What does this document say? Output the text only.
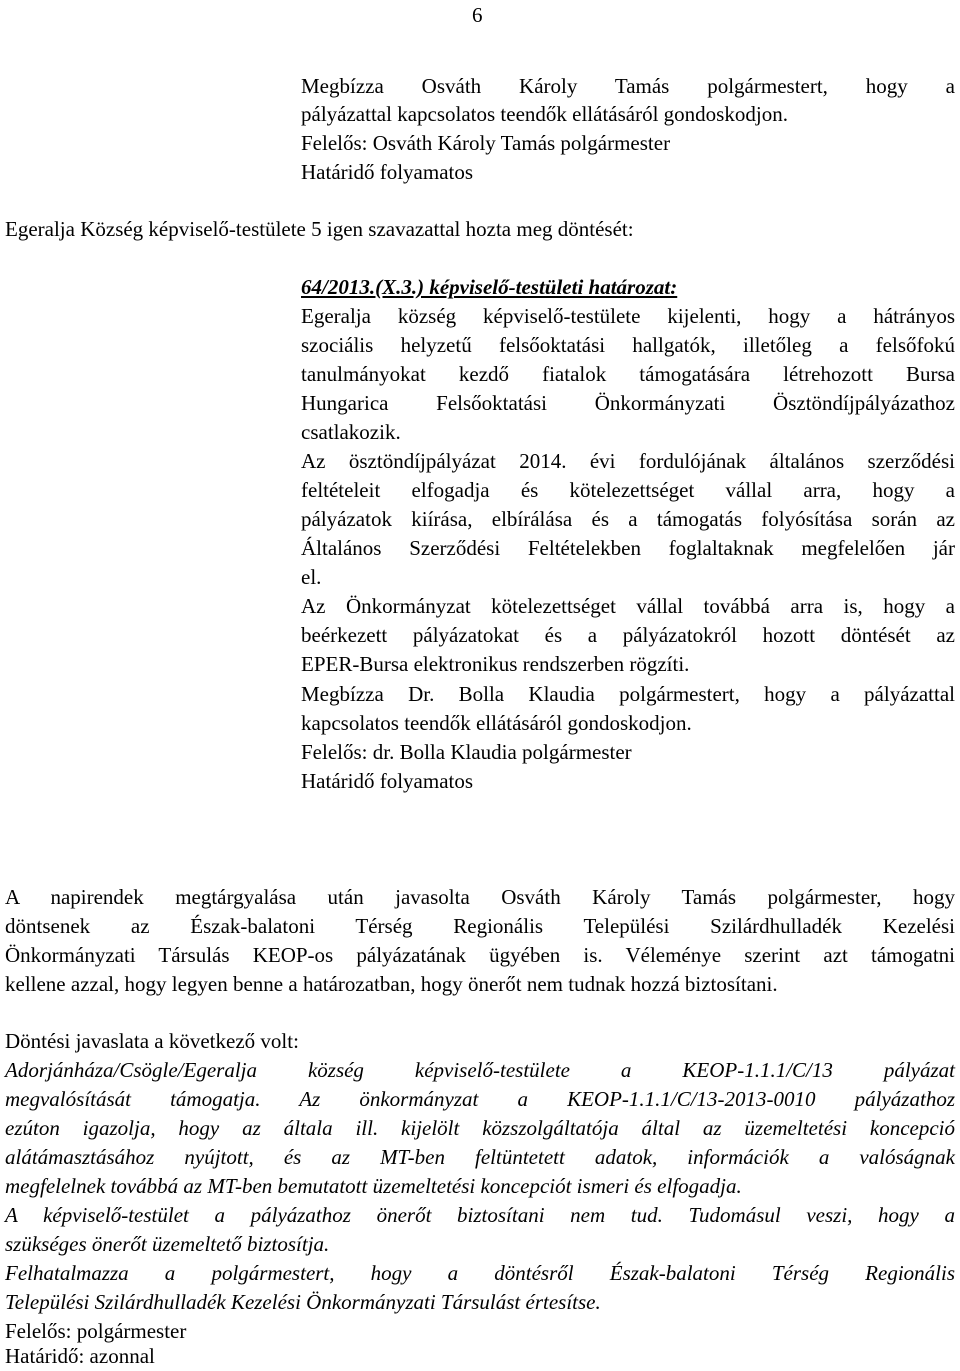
6
Megbízza Osváth Károly Tamás polgármestert, hogy a
pályázattal kapcsolatos teendők ellátásáról gondoskodjon.
Felelős: Osváth Károly Tamás polgármester
Határidő folyamatos
Egeralja Község képviselő-testülete 5 igen szavazattal hozta meg döntését:
64/2013.(X.3.) képviselő-testületi határozat:
Egeralja község képviselő-testülete kijelenti, hogy a hátrányos
szociális helyzetű felsőoktatási hallgatók, illetőleg a felsőfokú
tanulmányokat kezdő fiatalok támogatására létrehozott Bursa
Hungarica Felsőoktatási Önkormányzati Ösztöndíjpályázathoz
csatlakozik.
Az ösztöndíjpályázat 2014. évi fordulójának általános szerződési
feltételeit elfogadja és kötelezettséget vállal arra, hogy a
pályázatok kiírása, elbírálása és a támogatás folyósítása során az
Általános Szerződési Feltételekben foglaltaknak megfelelően jár
el.
Az Önkormányzat kötelezettséget vállal továbbá arra is, hogy a
beérkezett pályázatokat és a pályázatokról hozott döntését az
EPER-Bursa elektronikus rendszerben rögzíti.
Megbízza Dr. Bolla Klaudia polgármestert, hogy a pályázattal
kapcsolatos teendők ellátásáról gondoskodjon.
Felelős: dr. Bolla Klaudia polgármester
Határidő folyamatos
A napirendek megtárgyalása után javasolta Osváth Károly Tamás polgármester, hogy
döntsenek az Észak-balatoni Térség Regionális Települési Szilárdhulladék Kezelési
Önkormányzati Társulás KEOP-os pályázatának ügyében is. Véleménye szerint azt támogatni
kellene azzal, hogy legyen benne a határozatban, hogy önerőt nem tudnak hozzá biztosítani.
Döntési javaslata a következő volt:
Adorjánháza/Csögle/Egeralja község képviselő-testülete a KEOP-1.1.1/C/13 pályázat
megvalósítását támogatja. Az önkormányzat a KEOP-1.1.1/C/13-2013-0010 pályázathoz
ezúton igazolja, hogy az általa ill. kijelölt közszolgáltatója által az üzemeltetési koncepció
alátámasztásához nyújtott, és az MT-ben feltüntetett adatok, információk a valóságnak
megfelelnek továbbá az MT-ben bemutatott üzemeltetési koncepciót ismeri és elfogadja.
A képviselő-testület a pályázathoz önerőt biztosítani nem tud. Tudomásul veszi, hogy a
szükséges önerőt üzemeltető biztosítja.
Felhatalmazza a polgármestert, hogy a döntésről Észak-balatoni Térség Regionális
Települési Szilárdhulladék Kezelési Önkormányzati Társulást értesítse.
Felelős: polgármester
Határidő: azonnal
